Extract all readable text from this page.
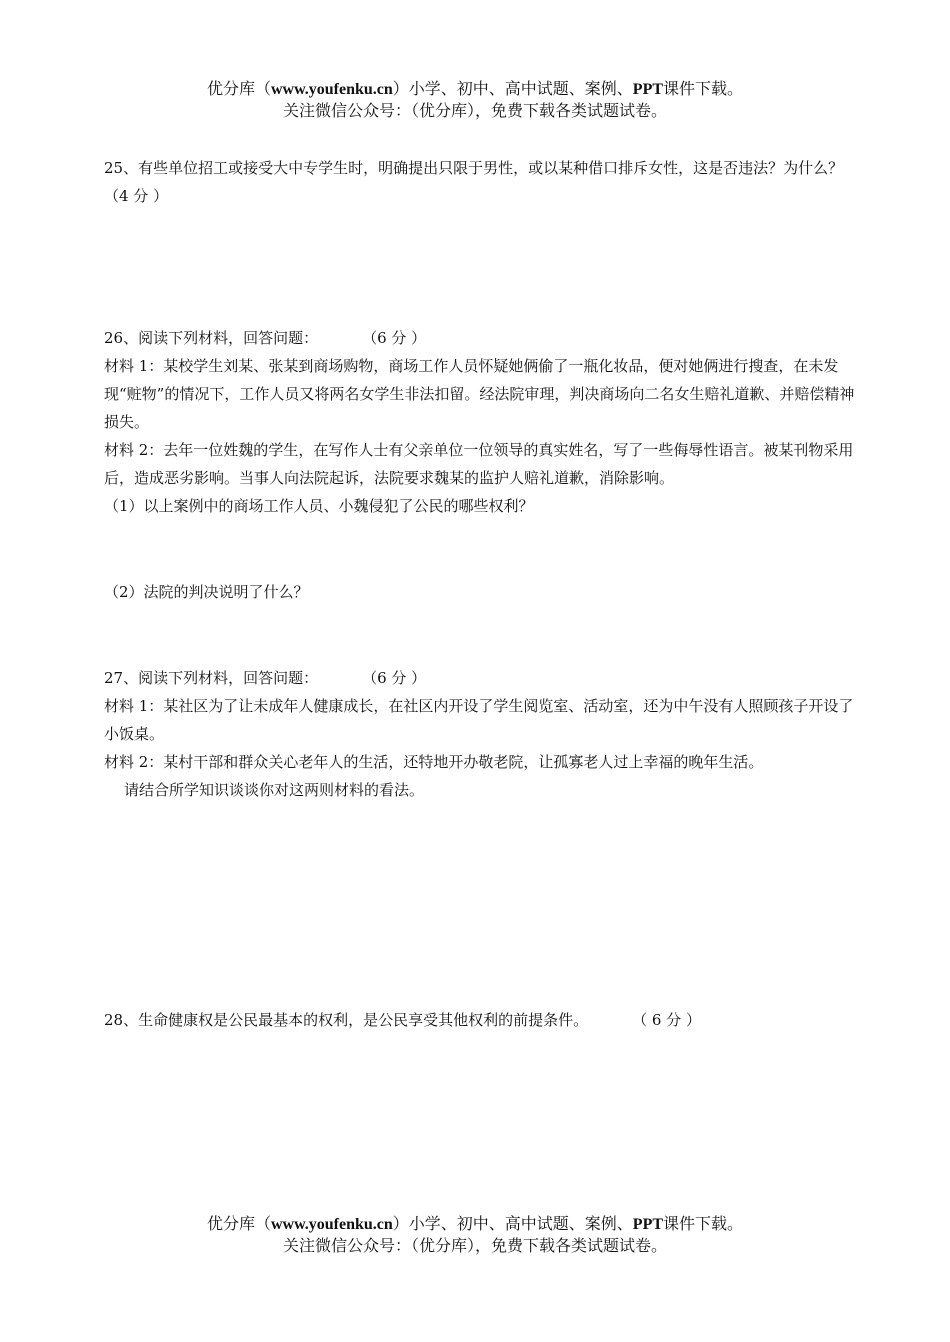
优分库（www.youfenku.cn）小学、初中、高中试题、案例、PPT课件下载。
关注微信公众号：（优分库），免费下载各类试题试卷。

25、有些单位招工或接受大中专学生时，明确提出只限于男性，或以某种借口排斥女性，这是否违法？为什么？　 （4 分 ）

26、阅读下列材料，回答问题：	（6 分 ）

材料 1：某校学生刘某、张某到商场购物，商场工作人员怀疑她俩偷了一瓶化妆品，便对她俩进行搜查，在未发现“赃物”的情况下，工作人员又将两名女学生非法扣留。经法院审理，判决商场向二名女生赔礼道歉、并赔偿精神损失。

材料 2：去年一位姓魏的学生，在写作人士有父亲单位一位领导的真实姓名，写了一些侮辱性语言。被某刊物采用后，造成恶劣影响。当事人向法院起诉，法院要求魏某的监护人赔礼道歉，消除影响。

（1）以上案例中的商场工作人员、小魏侵犯了公民的哪些权利？

（2）法院的判决说明了什么？

27、阅读下列材料，回答问题：	（6 分 ）

材料 1：某社区为了让未成年人健康成长，在社区内开设了学生阅览室、活动室，还为中午没有人照顾孩子开设了小饭桌。

材料 2：某村干部和群众关心老年人的生活，还特地开办敬老院，让孤寡老人过上幸福的晚年生活。

请结合所学知识谈谈你对这两则材料的看法。

28、生命健康权是公民最基本的权利，是公民享受其他权利的前提条件。	（ 6 分 ）

优分库（www.youfenku.cn）小学、初中、高中试题、案例、PPT课件下载。
关注微信公众号：（优分库），免费下载各类试题试卷。
